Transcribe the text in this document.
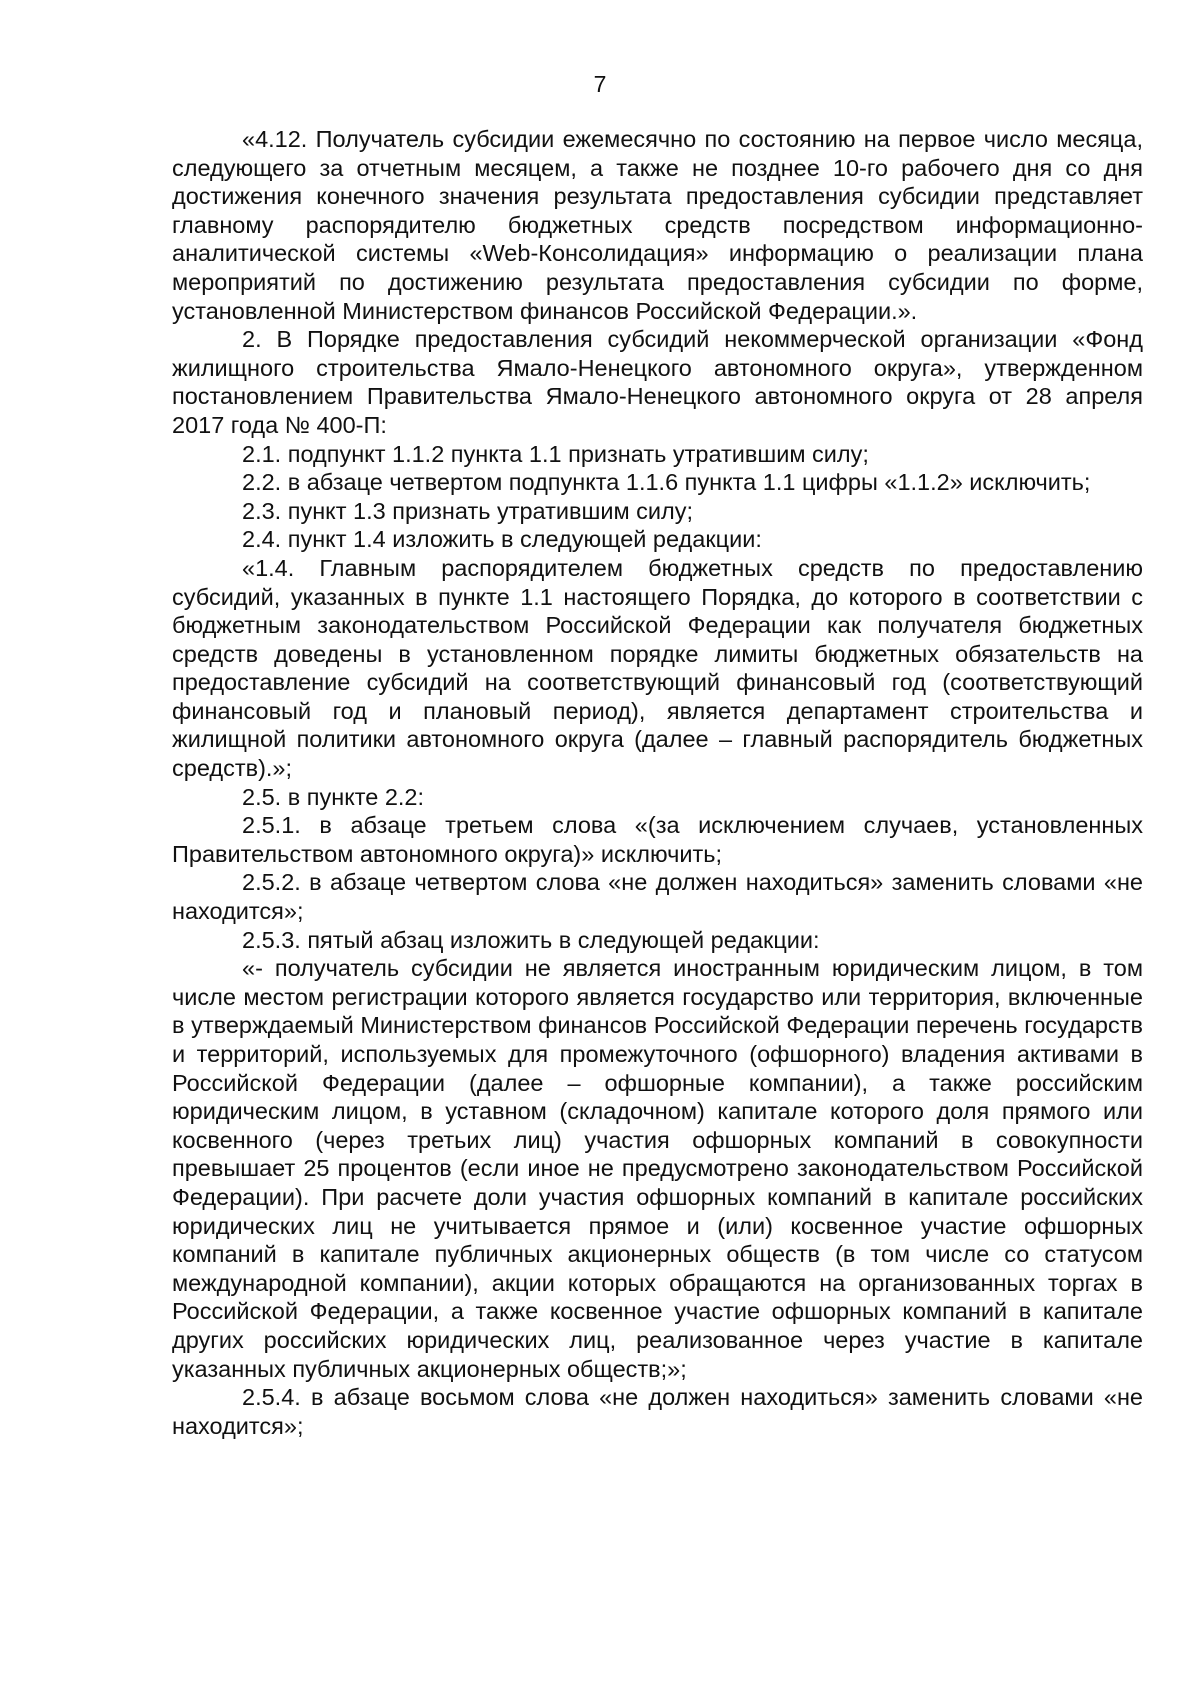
7

«4.12. Получатель субсидии ежемесячно по состоянию на первое число месяца, следующего за отчетным месяцем, а также не позднее 10-го рабочего дня со дня достижения конечного значения результата предоставления субсидии представляет главному распорядителю бюджетных средств посредством информационно-аналитической системы «Web-Консолидация» информацию о реализации плана мероприятий по достижению результата предоставления субсидии по форме, установленной Министерством финансов Российской Федерации.».

2. В Порядке предоставления субсидий некоммерческой организации «Фонд жилищного строительства Ямало-Ненецкого автономного округа», утвержденном постановлением Правительства Ямало-Ненецкого автономного округа от 28 апреля 2017 года № 400-П:

2.1. подпункт 1.1.2 пункта 1.1 признать утратившим силу;

2.2. в абзаце четвертом подпункта 1.1.6 пункта 1.1 цифры «1.1.2» исключить;

2.3. пункт 1.3 признать утратившим силу;

2.4. пункт 1.4 изложить в следующей редакции:

«1.4. Главным распорядителем бюджетных средств по предоставлению субсидий, указанных в пункте 1.1 настоящего Порядка, до которого в соответствии с бюджетным законодательством Российской Федерации как получателя бюджетных средств доведены в установленном порядке лимиты бюджетных обязательств на предоставление субсидий на соответствующий финансовый год (соответствующий финансовый год и плановый период), является департамент строительства и жилищной политики автономного округа (далее – главный распорядитель бюджетных средств).»;

2.5. в пункте 2.2:

2.5.1. в абзаце третьем слова «(за исключением случаев, установленных Правительством автономного округа)» исключить;

2.5.2. в абзаце четвертом слова «не должен находиться» заменить словами «не находится»;

2.5.3. пятый абзац изложить в следующей редакции:

«- получатель субсидии не является иностранным юридическим лицом, в том числе местом регистрации которого является государство или территория, включенные в утверждаемый Министерством финансов Российской Федерации перечень государств и территорий, используемых для промежуточного (офшорного) владения активами в Российской Федерации (далее – офшорные компании), а также российским юридическим лицом, в уставном (складочном) капитале которого доля прямого или косвенного (через третьих лиц) участия офшорных компаний в совокупности превышает 25 процентов (если иное не предусмотрено законодательством Российской Федерации). При расчете доли участия офшорных компаний в капитале российских юридических лиц не учитывается прямое и (или) косвенное участие офшорных компаний в капитале публичных акционерных обществ (в том числе со статусом международной компании), акции которых обращаются на организованных торгах в Российской Федерации, а также косвенное участие офшорных компаний в капитале других российских юридических лиц, реализованное через участие в капитале указанных публичных акционерных обществ;»;

2.5.4. в абзаце восьмом слова «не должен находиться» заменить словами «не находится»;
